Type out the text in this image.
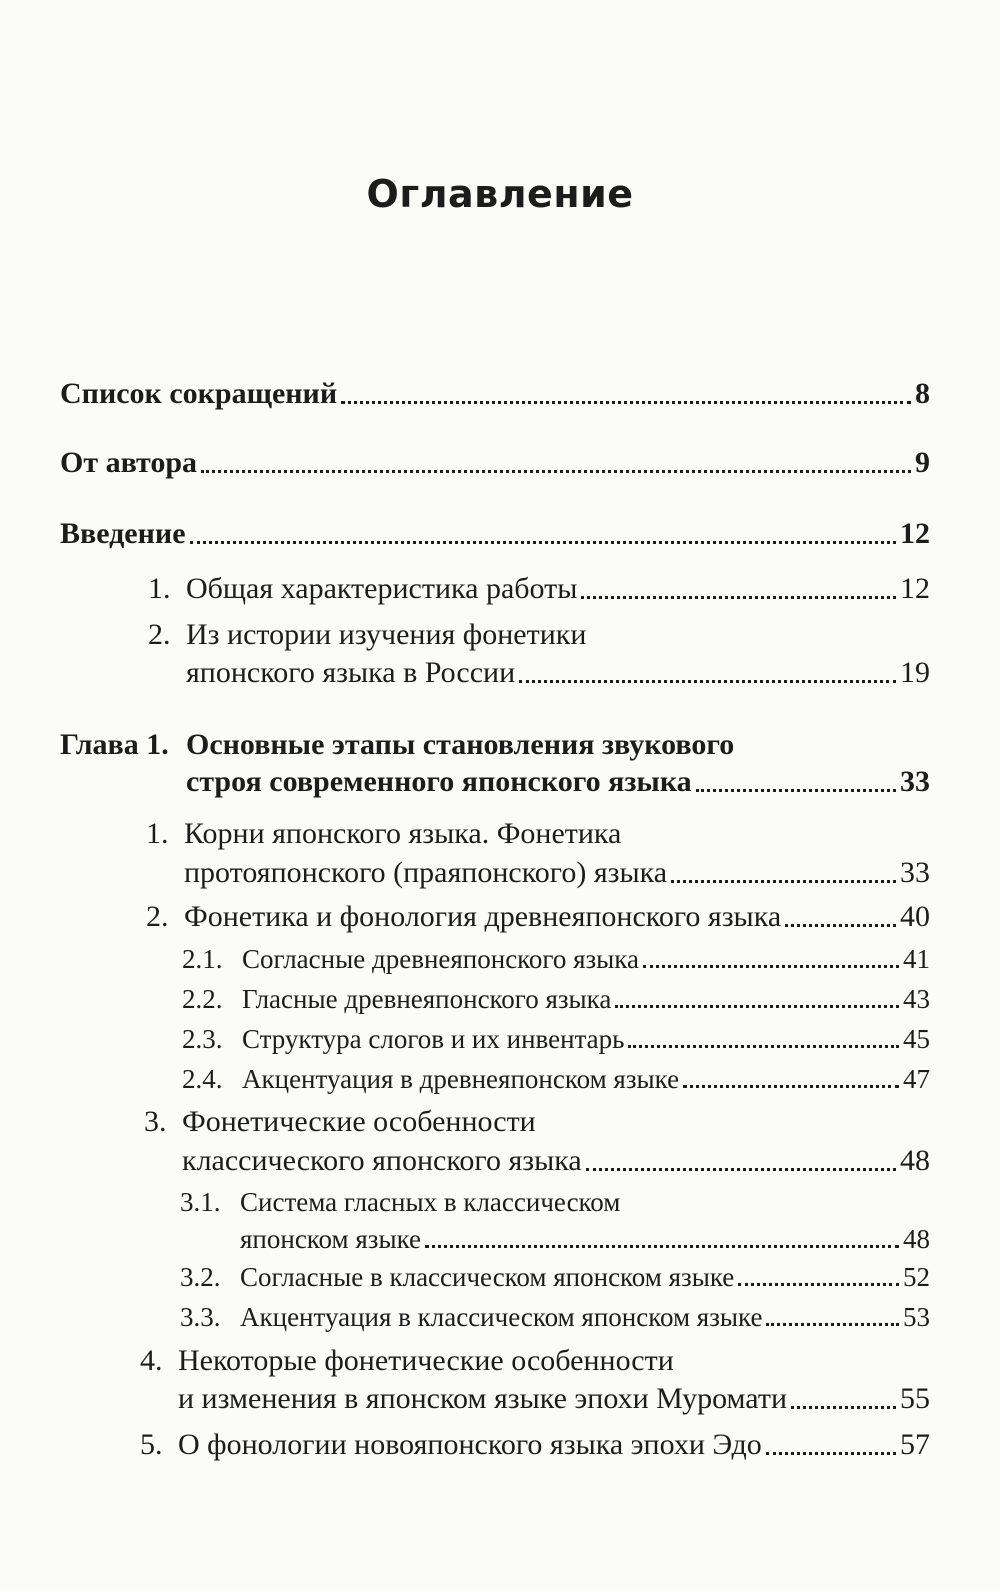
Оглавление
Список сокращений	8
От автора	9
Введение	12
1. Общая характеристика работы	12
2. Из истории изучения фонетики
японского языка в России	19
Глава 1. Основные этапы становления звукового
строя современного японского языка	33
1. Корни японского языка. Фонетика
протояпонского (праяпонского) языка	33
2. Фонетика и фонология древнеяпонского языка	40
2.1. Согласные древнеяпонского языка	41
2.2. Гласные древнеяпонского языка	43
2.3. Структура слогов и их инвентарь	45
2.4. Акцентуация в древнеяпонском языке	47
3. Фонетические особенности
классического японского языка	48
3.1. Система гласных в классическом
японском языке	48
3.2. Согласные в классическом японском языке	52
3.3. Акцентуация в классическом японском языке	53
4. Некоторые фонетические особенности
и изменения в японском языке эпохи Муромати	55
5. О фонологии новояпонского языка эпохи Эдо	57
